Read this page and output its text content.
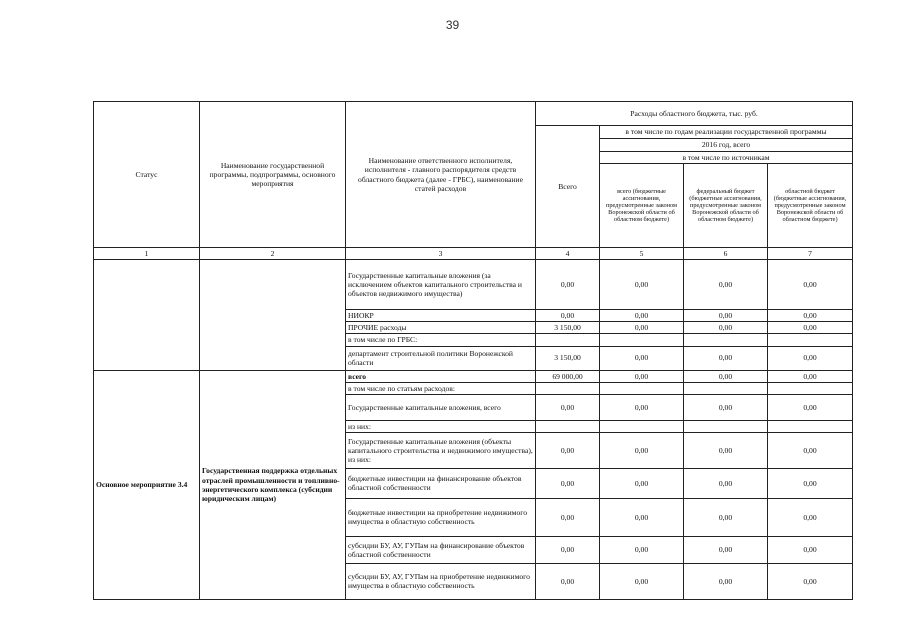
39
Статус	Наименование государственной программы, подпрограммы, основного мероприятия	Наименование ответственного исполнителя, исполнителя - главного распорядителя средств областного бюджета (далее - ГРБС), наименование статей расходов	Расходы областного бюджета, тыс. руб.			
			Всего	в том числе по годам реализации государственной программы		
				2016 год, всего		
				в том числе по источникам		
				всего (бюджетные ассигнования, предусмотренные законом Воронежской области об областном бюджете)	федеральный бюджет (бюджетные ассигнования, предусмотренные законом Воронежской области об областном бюджете)	областной бюджет (бюджетные ассигнования, предусмотренные законом Воронежской области об областном бюджете)
1	2	3	4	5	6	7
		Государственные капитальные вложения (за исключением объектов капитального строительства и объектов недвижимого имущества)	0,00	0,00	0,00	0,00
		НИОКР	0,00	0,00	0,00	0,00
		ПРОЧИЕ расходы	3 150,00	0,00	0,00	0,00
		в том числе по ГРБС:				
		департамент строительной политики Воронежской области	3 150,00	0,00	0,00	0,00
Основное мероприятие 3.4	Государственная поддержка отдельных отраслей промышленности и топливно-энергетического комплекса (субсидии юридическим лицам)	всего	69 000,00	0,00	0,00	0,00
		в том числе по статьям расходов:				
		Государственные капитальные вложения, всего	0,00	0,00	0,00	0,00
		из них:				
		Государственные капитальные вложения (объекты капитального строительства и недвижимого имущества), из них:	0,00	0,00	0,00	0,00
		бюджетные инвестиции на финансирование объектов областной собственности	0,00	0,00	0,00	0,00
		бюджетные инвестиции на приобретение недвижимого имущества в областную собственность	0,00	0,00	0,00	0,00
		субсидии БУ, АУ, ГУПам на финансирование объектов областной собственности	0,00	0,00	0,00	0,00
		субсидии БУ, АУ, ГУПам на приобретение недвижимого имущества в областную собственность	0,00	0,00	0,00	0,00
